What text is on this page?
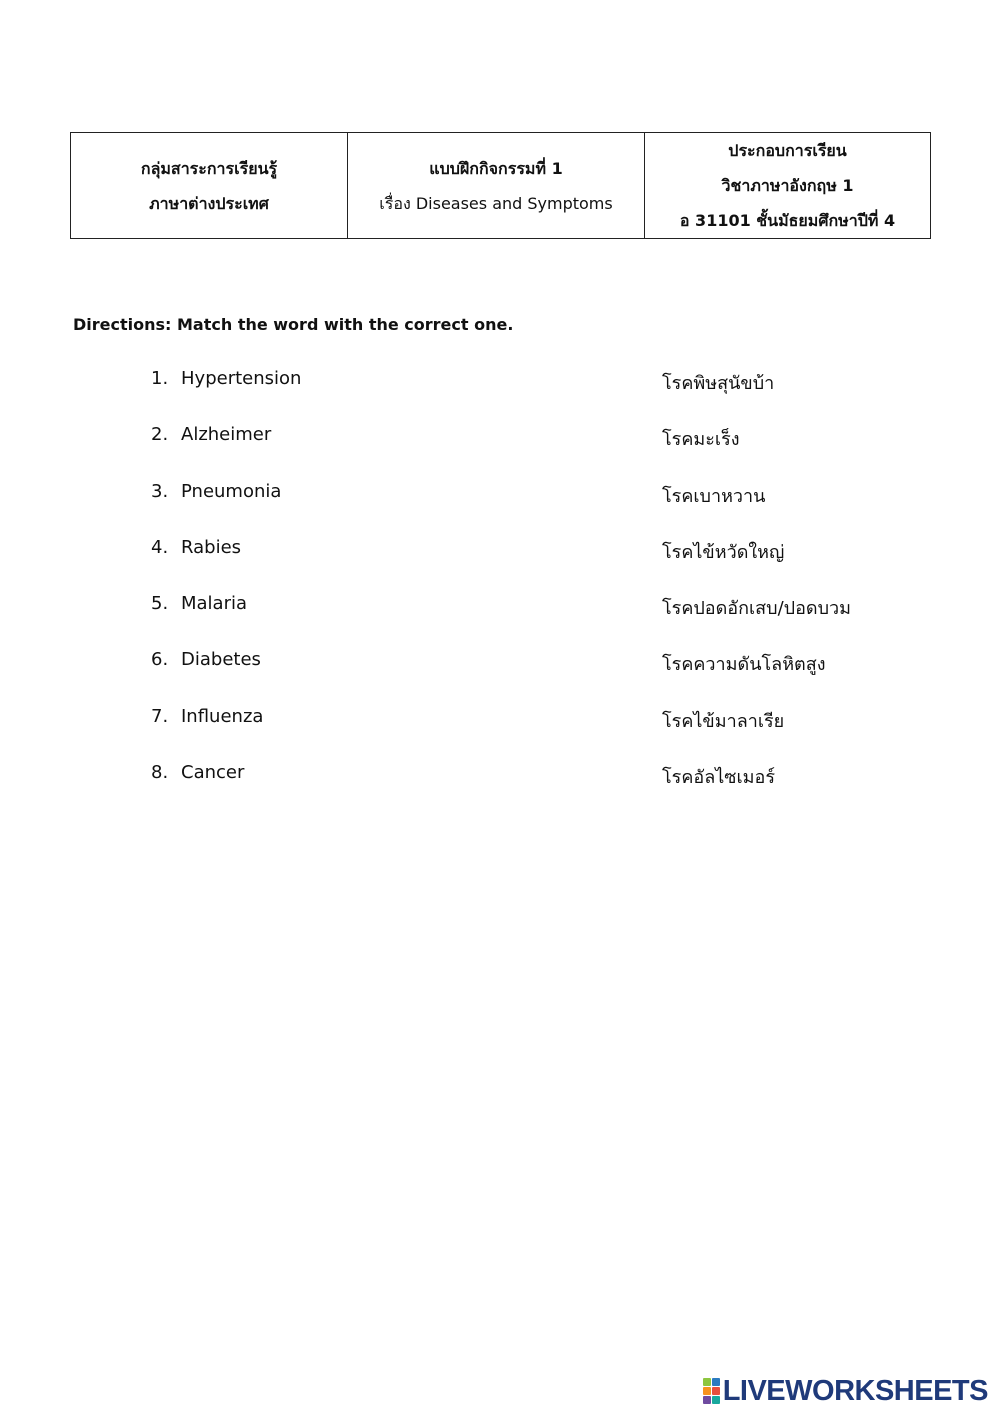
กลุ่มสาระการเรียนรู้
ภาษาต่างประเทศ

แบบฝึกกิจกรรมที่ 1
เรื่อง Diseases and Symptoms

ประกอบการเรียน
วิชาภาษาอังกฤษ 1
อ 31101 ชั้นมัธยมศึกษาปีที่ 4
Directions: Match the word with the correct one.
1. Hypertension	โรคพิษสุนัขบ้า
2. Alzheimer	โรคมะเร็ง
3. Pneumonia	โรคเบาหวาน
4. Rabies	โรคไข้หวัดใหญ่
5. Malaria	โรคปอดอักเสบ/ปอดบวม
6. Diabetes	โรคความดันโลหิตสูง
7. Influenza	โรคไข้มาลาเรีย
8. Cancer	โรคอัลไซเมอร์
LIVEWORKSHEETS
